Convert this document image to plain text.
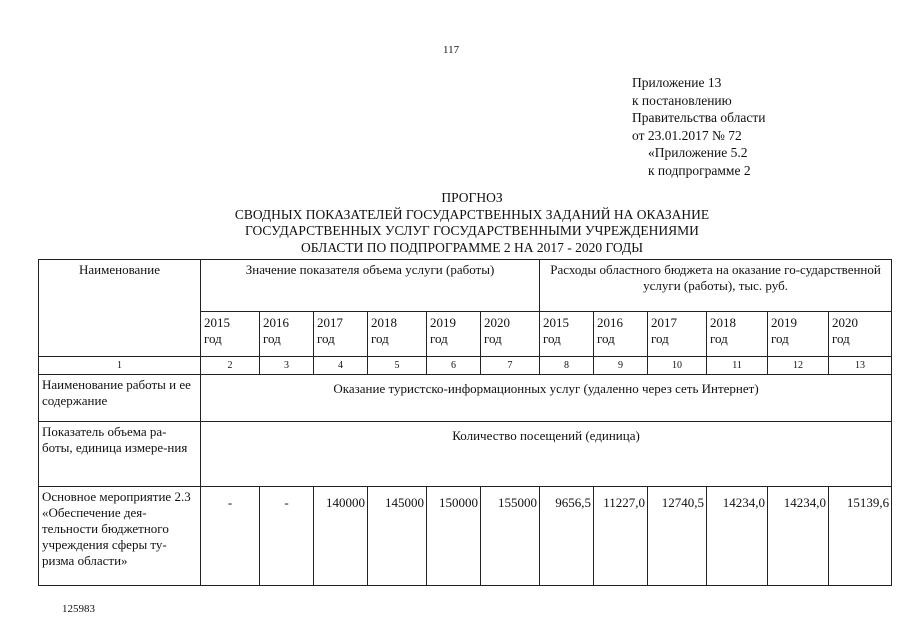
117
Приложение 13
к постановлению
Правительства области
от 23.01.2017 № 72
«Приложение 5.2
к подпрограмме 2
ПРОГНОЗ
СВОДНЫХ ПОКАЗАТЕЛЕЙ ГОСУДАРСТВЕННЫХ ЗАДАНИЙ НА ОКАЗАНИЕ
ГОСУДАРСТВЕННЫХ УСЛУГ ГОСУДАРСТВЕННЫМИ УЧРЕЖДЕНИЯМИ
ОБЛАСТИ ПО ПОДПРОГРАММЕ 2 НА 2017 - 2020 ГОДЫ
Наименование	Значение показателя объема услуги (работы)						Расходы областного бюджета на оказание го-сударственной услуги (работы), тыс. руб.					

	2015
год	2016
год	2017
год	2018
год	2019
год	2020
год	2015
год	2016
год	2017
год	2018
год	2019
год	2020
год

1	2	3	4	5	6	7	8	9	10	11	12	13
Наименование работы и ее содержание	Оказание туристско-информационных услуг (удаленно через сеть Интернет)											
Показатель объема ра-боты, единица измере-ния	Количество посещений (единица)											
Основное мероприятие 2.3 «Обеспечение дея-тельности бюджетного учреждения сферы ту-ризма области»	-	-	140000	145000	150000	155000	9656,5	11227,0	12740,5	14234,0	14234,0	15139,6
125983
